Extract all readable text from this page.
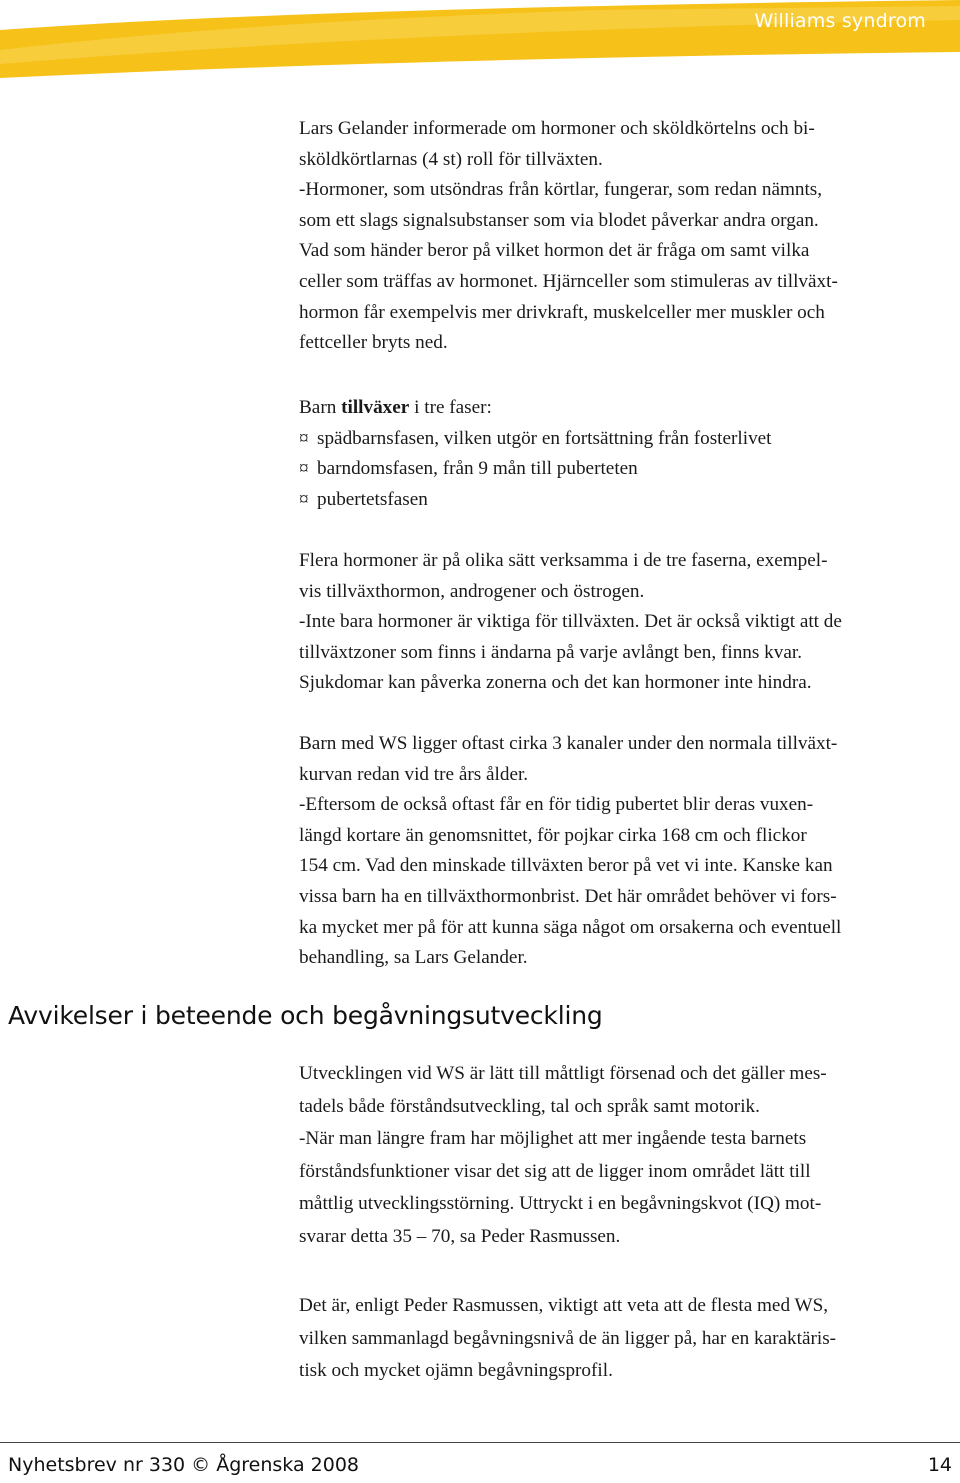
Williams syndrom

Lars Gelander informerade om hormoner och sköldkörtelns och bi-

sköldkörtlarnas (4 st) roll för tillväxten.

-Hormoner, som utsöndras från körtlar, fungerar, som redan nämnts,

som ett slags signalsubstanser som via blodet påverkar andra organ.

Vad som händer beror på vilket hormon det är fråga om samt vilka

celler som träffas av hormonet. Hjärnceller som stimuleras av tillväxt-

hormon får exempelvis mer drivkraft, muskelceller mer muskler och

fettceller bryts ned.

Barn tillväxer i tre faser:

¤ spädbarnsfasen, vilken utgör en fortsättning från fosterlivet

¤ barndomsfasen, från 9 mån till puberteten

¤ pubertetsfasen

Flera hormoner är på olika sätt verksamma i de tre faserna, exempel-

vis tillväxthormon, androgener och östrogen.

-Inte bara hormoner är viktiga för tillväxten. Det är också viktigt att de

tillväxtzoner som finns i ändarna på varje avlångt ben, finns kvar.

Sjukdomar kan påverka zonerna och det kan hormoner inte hindra.

Barn med WS ligger oftast cirka 3 kanaler under den normala tillväxt-

kurvan redan vid tre års ålder.

-Eftersom de också oftast får en för tidig pubertet blir deras vuxen-

längd kortare än genomsnittet, för pojkar cirka 168 cm och flickor

154 cm. Vad den minskade tillväxten beror på vet vi inte. Kanske kan

vissa barn ha en tillväxthormonbrist. Det här området behöver vi fors-

ka mycket mer på för att kunna säga något om orsakerna och eventuell

behandling, sa Lars Gelander.

Avvikelser i beteende och begåvningsutveckling

Utvecklingen vid WS är lätt till måttligt försenad och det gäller mes-

tadels både förståndsutveckling, tal och språk samt motorik.

-När man längre fram har möjlighet att mer ingående testa barnets

förståndsfunktioner visar det sig att de ligger inom området lätt till

måttlig utvecklingsstörning. Uttryckt i en begåvningskvot (IQ) mot-

svarar detta 35 – 70, sa Peder Rasmussen.

Det är, enligt Peder Rasmussen, viktigt att veta att de flesta med WS,

vilken sammanlagd begåvningsnivå de än ligger på, har en karaktäris-

tisk och mycket ojämn begåvningsprofil.

Nyhetsbrev nr 330 © Ågrenska 2008	14
